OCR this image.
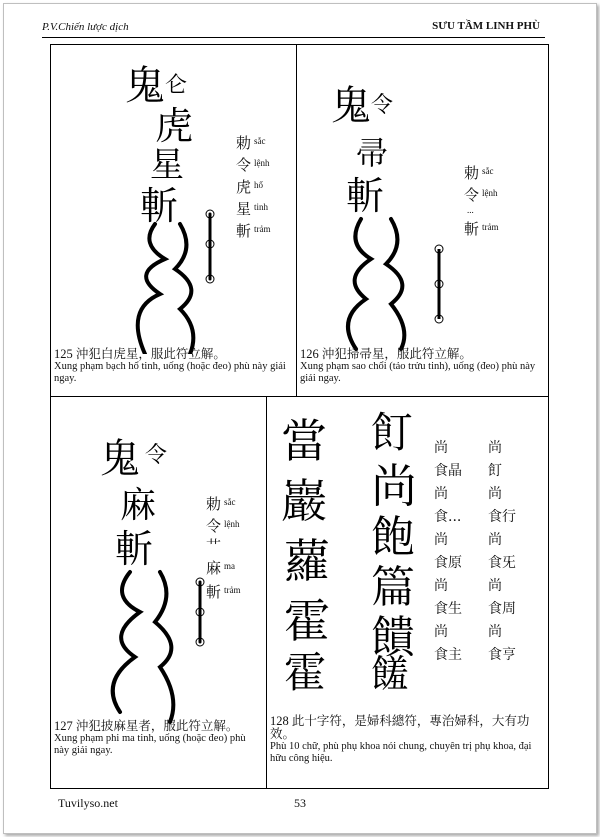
P.V.Chiến lược dịch	SƯU TẦM LINH PHÙ
鬼 仑
虎
星
斬
勅 $^{sắc}$
令 $^{lệnh}$
虎 $^{hổ}$
星 $^{tinh}$
斬 $^{trảm}$
125 沖犯白虎星，服此符立解。
Xung phạm bạch hổ tinh, uống (hoặc đeo) phù này giải ngay.
鬼 令
帚
斬
勅 $^{sắc}$
令 $^{lệnh}$
...
斬 $^{trảm}$
126 沖犯掃帚星，服此符立解。
Xung phạm sao chổi (tảo trửu tinh), uống (đeo) phù này giải ngay.
鬼 令
麻
斬
勅 $^{sắc}$
令 $^{lệnh}$
艹
麻 $^{ma}$
斬 $^{trảm}$
127 沖犯披麻星者，服此符立解。
Xung phạm phi ma tinh, uống (hoặc đeo) phù này giải ngay.
當
巖
蘿
霍
霍
飣
尚
飽
篇
饋
饈
尚
食晶
尚
食...
尚
食原
尚
食生
尚
食主
尚
飣
尚
食行
尚
食旡
尚
食周
尚
食亨
128 此十字符，是婦科總符，專治婦科，大有功效。
Phù 10 chữ, phù phụ khoa nói chung, chuyên trị phụ khoa, đại hữu công hiệu.
Tuvilyso.net	53
